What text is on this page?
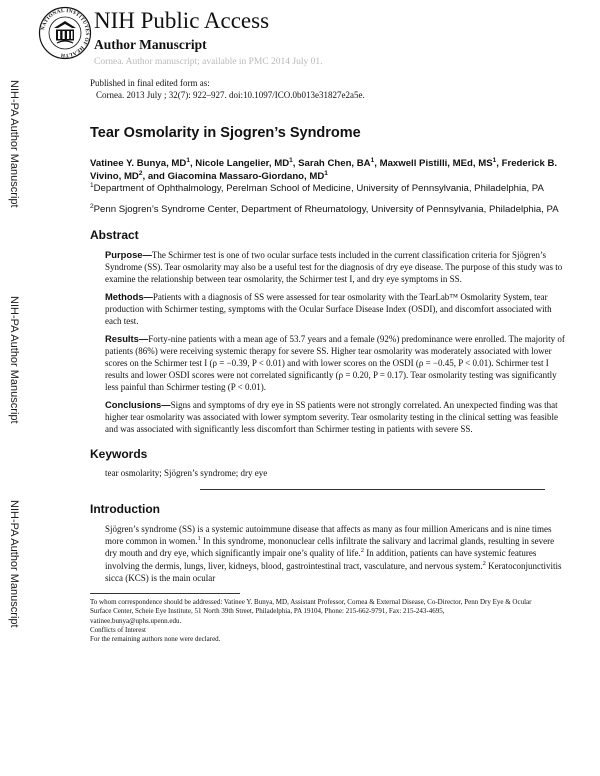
NATIONAL INSTITUTES OF HEALTH
NIH Public Access
Author Manuscript
Cornea. Author manuscript; available in PMC 2014 July 01.
Published in final edited form as:
Cornea. 2013 July ; 32(7): 922–927. doi:10.1097/ICO.0b013e31827e2a5e.
NIH-PA Author Manuscript
NIH-PA Author Manuscript
NIH-PA Author Manuscript
Tear Osmolarity in Sjogren’s Syndrome
Vatinee Y. Bunya, $MD^1$, Nicole Langelier, $MD^1$, Sarah Chen, $BA^1$, Maxwell Pistilli, MEd, $MS^1$, Frederick B. Vivino, $MD^2$, and Giacomina Massaro-Giordano, $MD^1$
$^1$Department of Ophthalmology, Perelman School of Medicine, University of Pennsylvania, Philadelphia, PA
$^2$Penn Sjogren’s Syndrome Center, Department of Rheumatology, University of Pennsylvania, Philadelphia, PA
Abstract

Purpose—The Schirmer test is one of two ocular surface tests included in the current classification criteria for Sjögren’s Syndrome (SS). Tear osmolarity may also be a useful test for the diagnosis of dry eye disease. The purpose of this study was to examine the relationship between tear osmolarity, the Schirmer test I, and dry eye symptoms in SS.

Methods—Patients with a diagnosis of SS were assessed for tear osmolarity with the TearLab™ Osmolarity System, tear production with Schirmer testing, symptoms with the Ocular Surface Disease Index (OSDI), and discomfort associated with each test.

Results—Forty-nine patients with a mean age of 53.7 years and a female (92%) predominance were enrolled. The majority of patients (86%) were receiving systemic therapy for severe SS. Higher tear osmolarity was moderately associated with lower scores on the Schirmer test I (ρ = −0.39, P < 0.01) and with lower scores on the OSDI (ρ = −0.45, P < 0.01). Schirmer test I results and lower OSDI scores were not correlated significantly (ρ = 0.20, P = 0.17). Tear osmolarity testing was significantly less painful than Schirmer testing (P < 0.01).

Conclusions—Signs and symptoms of dry eye in SS patients were not strongly correlated. An unexpected finding was that higher tear osmolarity was associated with lower symptom severity. Tear osmolarity testing in the clinical setting was feasible and was associated with significantly less discomfort than Schirmer testing in patients with severe SS.

Keywords
tear osmolarity; Sjögren’s syndrome; dry eye
Introduction

Sjögren’s syndrome (SS) is a systemic autoimmune disease that affects as many as four million Americans and is nine times more common in women.$^1$ In this syndrome, mononuclear cells infiltrate the salivary and lacrimal glands, resulting in severe dry mouth and dry eye, which significantly impair one’s quality of life.$^2$ In addition, patients can have systemic features involving the dermis, lungs, liver, kidneys, blood, gastrointestinal tract, vasculature, and nervous system.$^2$ Keratoconjunctivitis sicca (KCS) is the main ocular

To whom correspondence should be addressed: Vatinee Y. Bunya, MD, Assistant Professor, Cornea & External Disease, Co-Director, Penn Dry Eye & Ocular Surface Center, Scheie Eye Institute, 51 North 39th Street, Philadelphia, PA 19104, Phone: 215-662-9791, Fax: 215-243-4695, vatinee.bunya@uphs.upenn.edu.
Conflicts of Interest
For the remaining authors none were declared.
